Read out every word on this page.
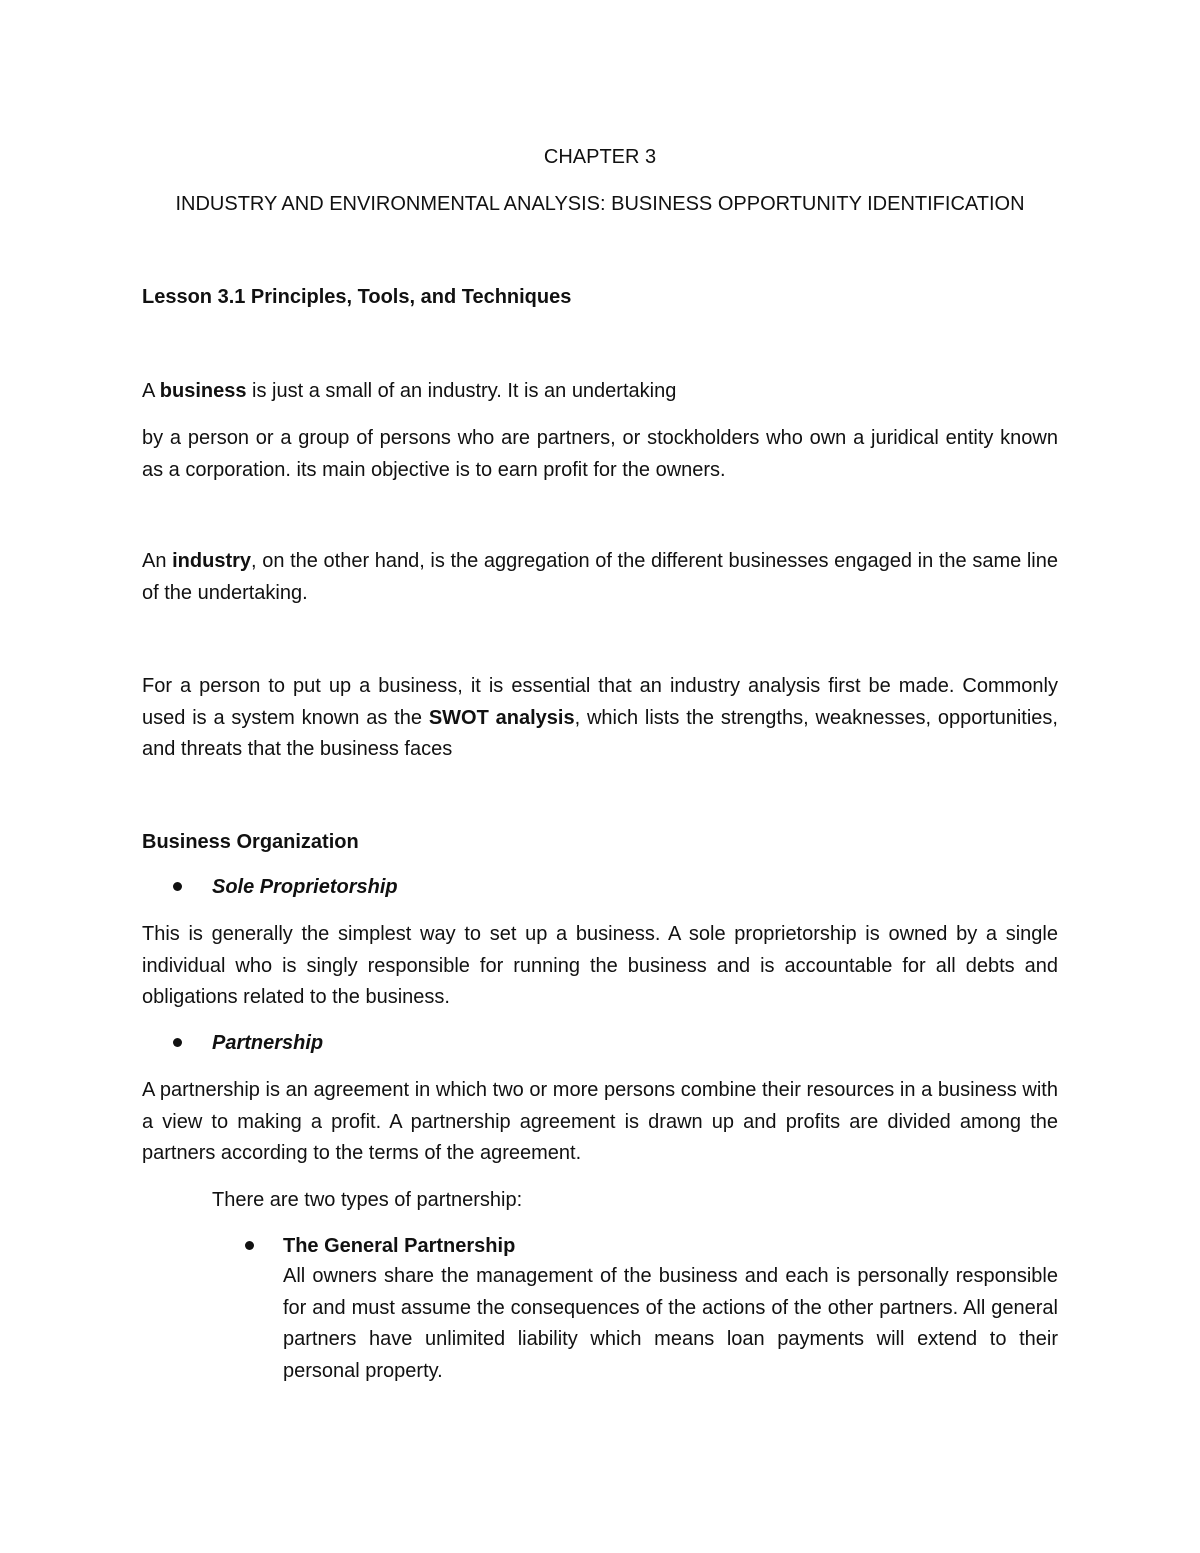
CHAPTER 3
INDUSTRY AND ENVIRONMENTAL ANALYSIS: BUSINESS OPPORTUNITY IDENTIFICATION
Lesson 3.1 Principles, Tools, and Techniques
A business is just a small of an industry. It is an undertaking
by a person or a group of persons who are partners, or stockholders who own a juridical entity known as a corporation. its main objective is to earn profit for the owners.
An industry, on the other hand, is the aggregation of the different businesses engaged in the same line of the undertaking.
For a person to put up a business, it is essential that an industry analysis first be made. Commonly used is a system known as the SWOT analysis, which lists the strengths, weaknesses, opportunities, and threats that the business faces
Business Organization
Sole Proprietorship
This is generally the simplest way to set up a business. A sole proprietorship is owned by a single individual who is singly responsible for running the business and is accountable for all debts and obligations related to the business.
Partnership
A partnership is an agreement in which two or more persons combine their resources in a business with a view to making a profit. A partnership agreement is drawn up and profits are divided among the partners according to the terms of the agreement.
There are two types of partnership:
The General Partnership
All owners share the management of the business and each is personally responsible for and must assume the consequences of the actions of the other partners. All general partners have unlimited liability which means loan payments will extend to their personal property.
